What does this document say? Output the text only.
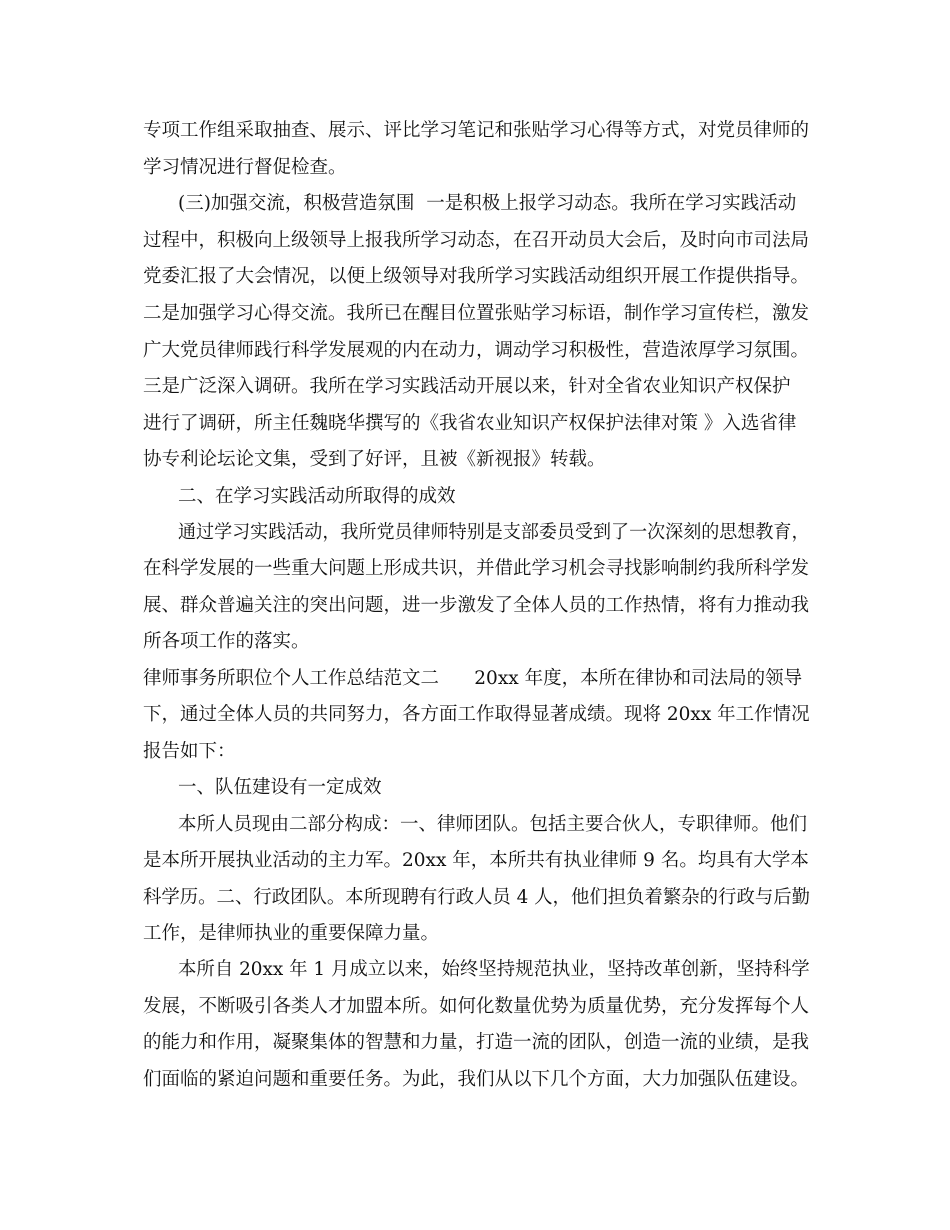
专项工作组采取抽查、展示、评比学习笔记和张贴学习心得等方式，对党员律师的
学习情况进行督促检查。
(三)加强交流，积极营造氛围  一是积极上报学习动态。我所在学习实践活动
过程中，积极向上级领导上报我所学习动态，在召开动员大会后，及时向市司法局
党委汇报了大会情况，以便上级领导对我所学习实践活动组织开展工作提供指导。
二是加强学习心得交流。我所已在醒目位置张贴学习标语，制作学习宣传栏，激发
广大党员律师践行科学发展观的内在动力，调动学习积极性，营造浓厚学习氛围。
三是广泛深入调研。我所在学习实践活动开展以来，针对全省农业知识产权保护
进行了调研，所主任魏晓华撰写的《我省农业知识产权保护法律对策 》入选省律
协专利论坛论文集，受到了好评，且被《新视报》转载。
二、在学习实践活动所取得的成效
通过学习实践活动，我所党员律师特别是支部委员受到了一次深刻的思想教育，
在科学发展的一些重大问题上形成共识，并借此学习机会寻找影响制约我所科学发
展、群众普遍关注的突出问题，进一步激发了全体人员的工作热情，将有力推动我
所各项工作的落实。
律师事务所职位个人工作总结范文二      20xx 年度，本所在律协和司法局的领导
下，通过全体人员的共同努力，各方面工作取得显著成绩。现将 20xx 年工作情况
报告如下：
一、队伍建设有一定成效
本所人员现由二部分构成：一、律师团队。包括主要合伙人，专职律师。他们
是本所开展执业活动的主力军。20xx 年，本所共有执业律师 9 名。均具有大学本
科学历。二、行政团队。本所现聘有行政人员 4 人，他们担负着繁杂的行政与后勤
工作，是律师执业的重要保障力量。
本所自 20xx 年 1 月成立以来，始终坚持规范执业，坚持改革创新，坚持科学
发展，不断吸引各类人才加盟本所。如何化数量优势为质量优势，充分发挥每个人
的能力和作用，凝聚集体的智慧和力量，打造一流的团队，创造一流的业绩，是我
们面临的紧迫问题和重要任务。为此，我们从以下几个方面，大力加强队伍建设。
